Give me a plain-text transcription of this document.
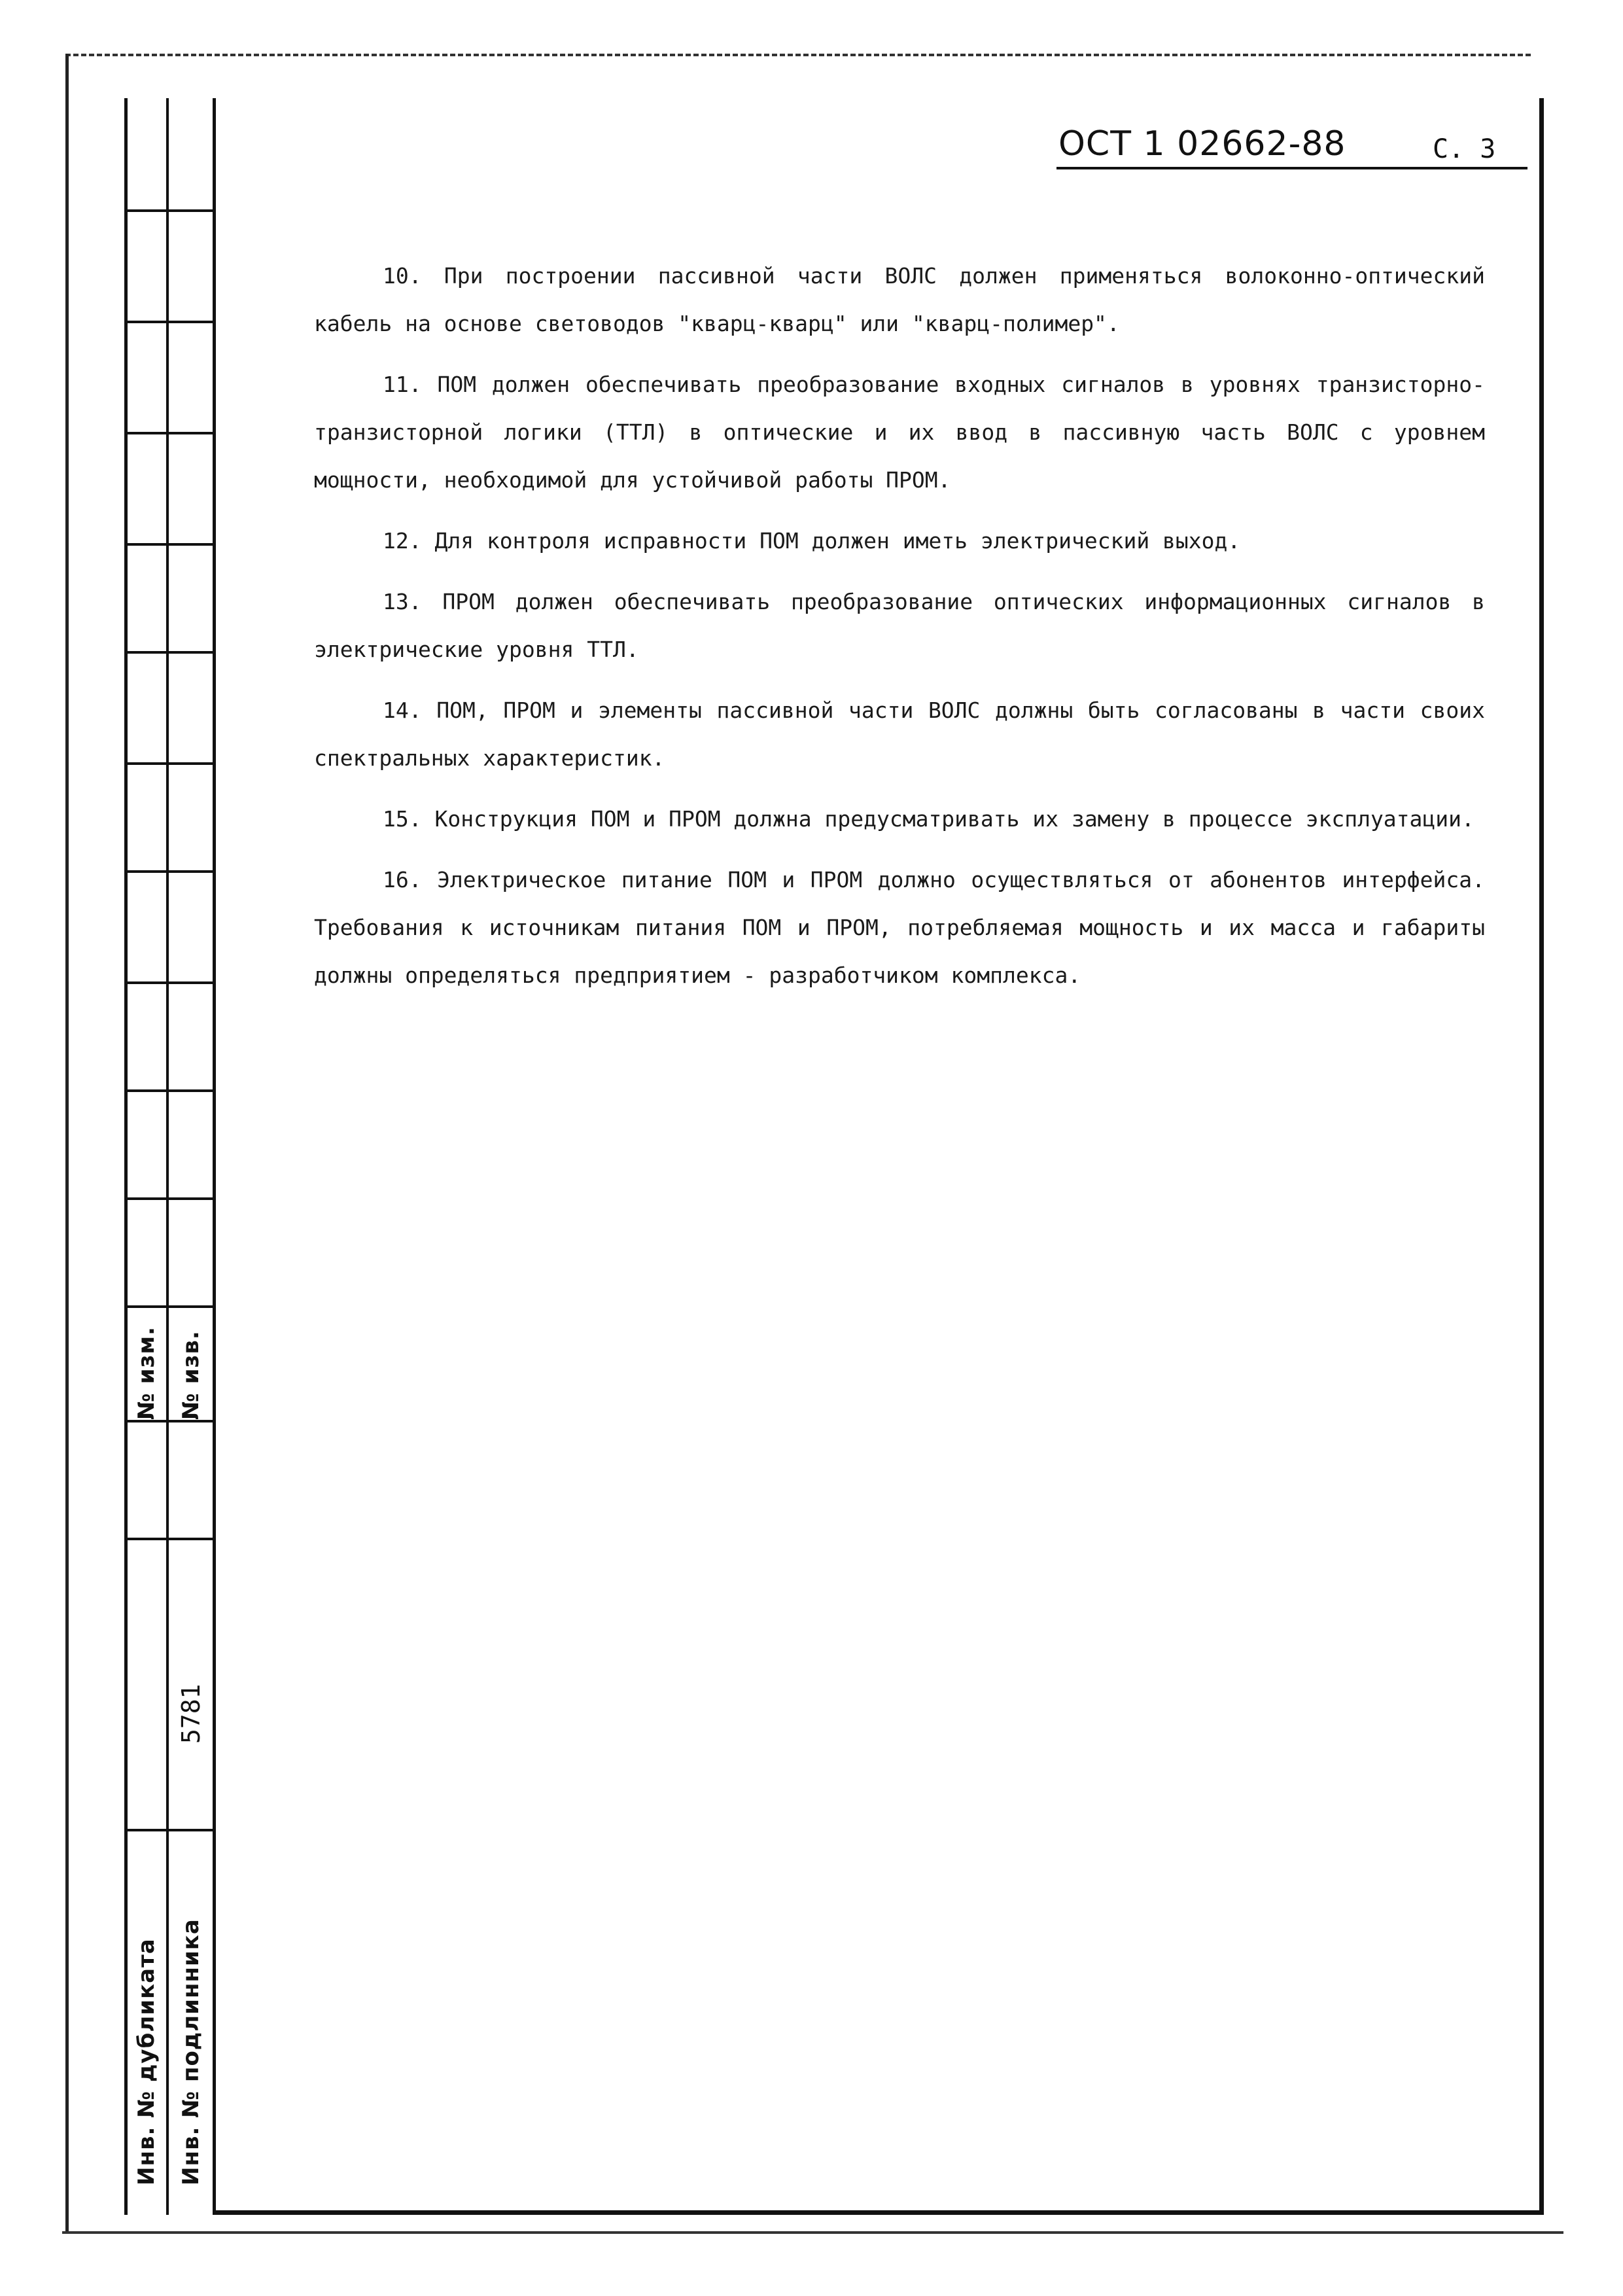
№ изм. № изв.
5781
Инв. № дубликата Инв. № подлинника
ОСТ 1 02662-88	С. 3

10. При построении пассивной части ВОЛС должен применяться волоконно-оптический кабель на основе световодов "кварц-кварц" или "кварц-полимер".

11. ПОМ должен обеспечивать преобразование входных сигналов в уровнях транзисторно-транзисторной логики (ТТЛ) в оптические и их ввод в пассивную часть ВОЛС с уровнем мощности, необходимой для устойчивой работы ПРОМ.

12. Для контроля исправности ПОМ должен иметь электрический выход.

13. ПРОМ должен обеспечивать преобразование оптических информационных сигналов в электрические уровня ТТЛ.

14. ПОМ, ПРОМ и элементы пассивной части ВОЛС должны быть согласованы в части своих спектральных характеристик.

15. Конструкция ПОМ и ПРОМ должна предусматривать их замену в процессе эксплуатации.

16. Электрическое питание ПОМ и ПРОМ должно осуществляться от абонентов интерфейса. Требования к источникам питания ПОМ и ПРОМ, потребляемая мощность и их масса и габариты должны определяться предприятием - разработчиком комплекса.
